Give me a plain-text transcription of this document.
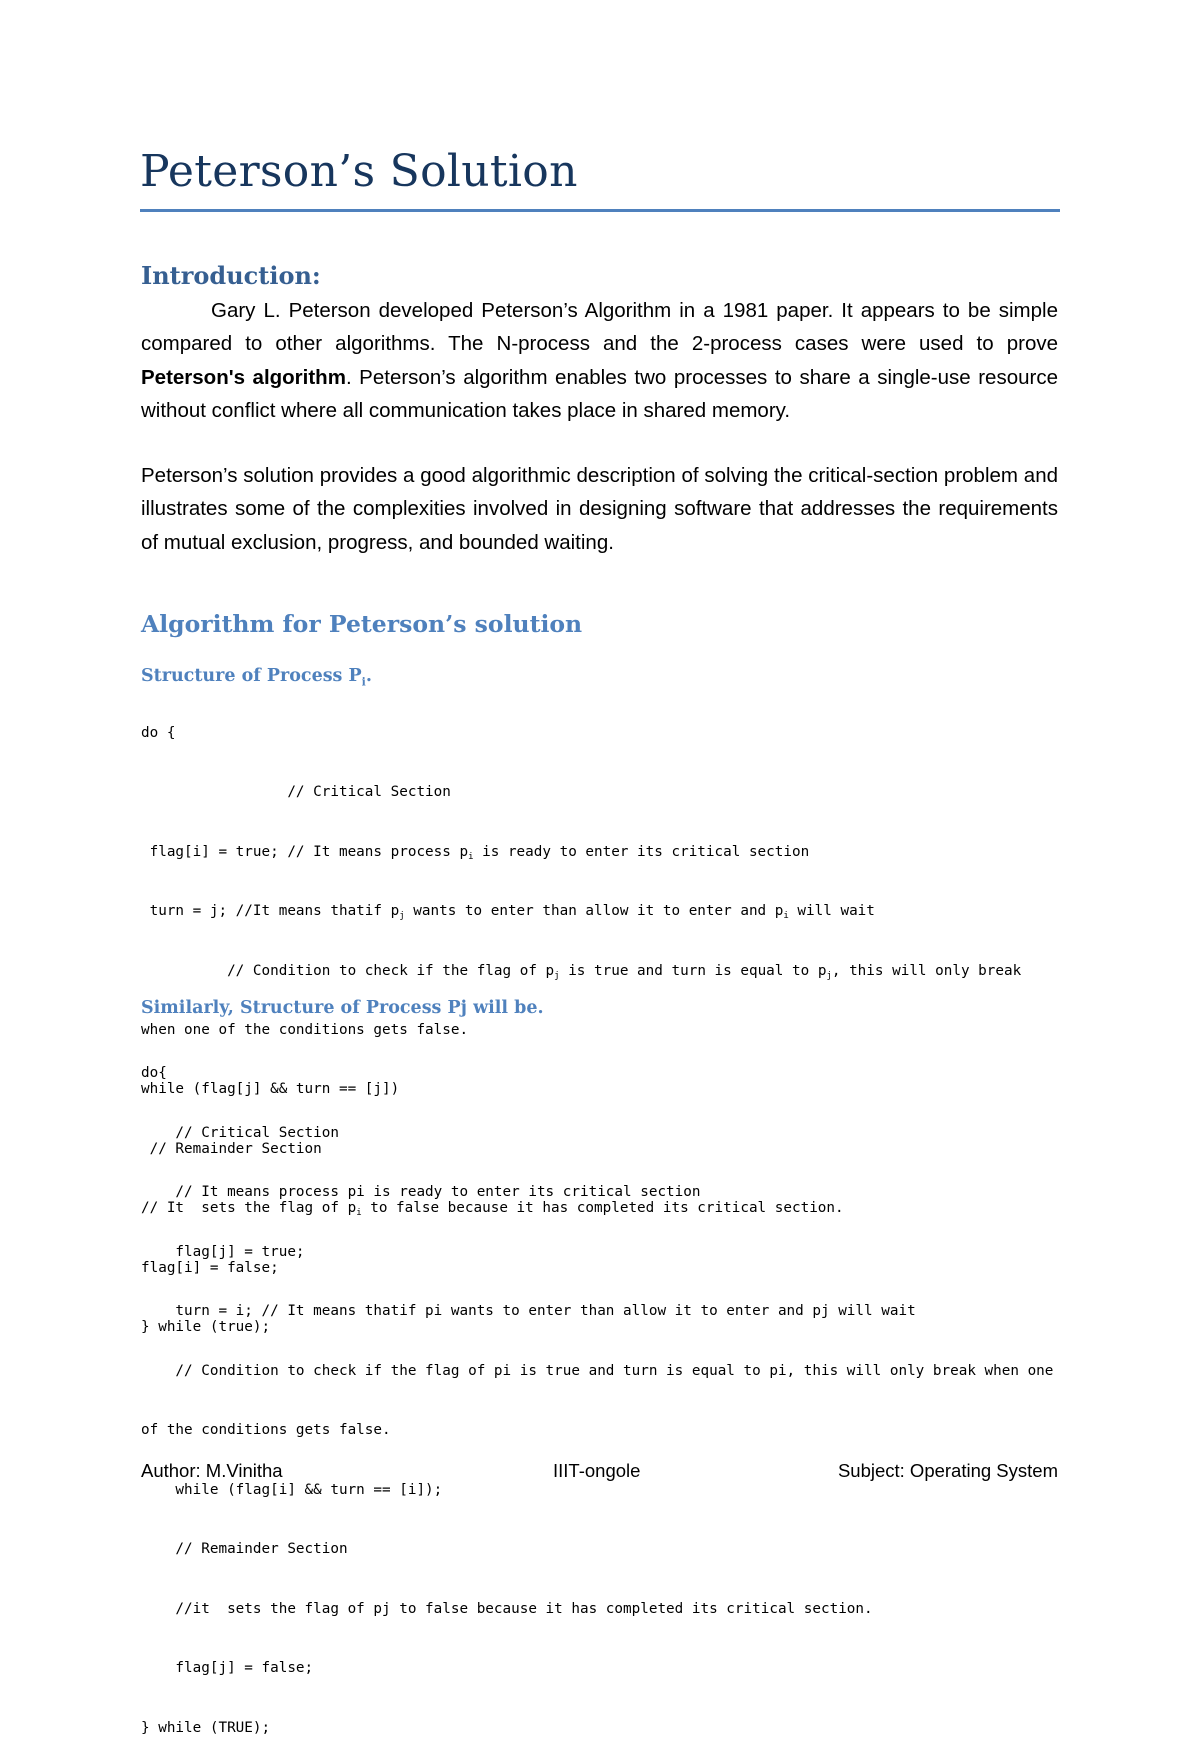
Peterson’s Solution
Introduction:

Gary L. Peterson developed Peterson’s Algorithm in a 1981 paper. It appears to be simple compared to other algorithms. The N-process and the 2-process cases were used to prove Peterson's algorithm. Peterson’s algorithm enables two processes to share a single-use resource without conflict where all communication takes place in shared memory.

Peterson’s solution provides a good algorithmic description of solving the critical-section problem and illustrates some of the complexities involved in designing software that addresses the requirements of mutual exclusion, progress, and bounded waiting.

Algorithm for Peterson’s solution
Structure of Process $P_i$.

do {

// Critical Section

flag[i] = true; // It means process $p_i$ is ready to enter its critical section

turn = j; //It means thatif $p_j$ wants to enter than allow it to enter and $p_i$ will wait

// Condition to check if the flag of $p_j$ is true and turn is equal to $p_j$, this will only break

when one of the conditions gets false.

while (flag[j] && turn == [j])

// Remainder Section

// It  sets the flag of $p_i$ to false because it has completed its critical section.

flag[i] = false;

} while (true);

Similarly, Structure of Process Pj will be.

do{

// Critical Section

// It means process pi is ready to enter its critical section

flag[j] = true;

turn = i; // It means thatif pi wants to enter than allow it to enter and pj will wait

// Condition to check if the flag of pi is true and turn is equal to pi, this will only break when one

of the conditions gets false.

while (flag[i] && turn == [i]);

// Remainder Section

//it  sets the flag of pj to false because it has completed its critical section.

flag[j] = false;

} while (TRUE);

Author: M.Vinitha	IIIT-ongole	Subject: Operating System
